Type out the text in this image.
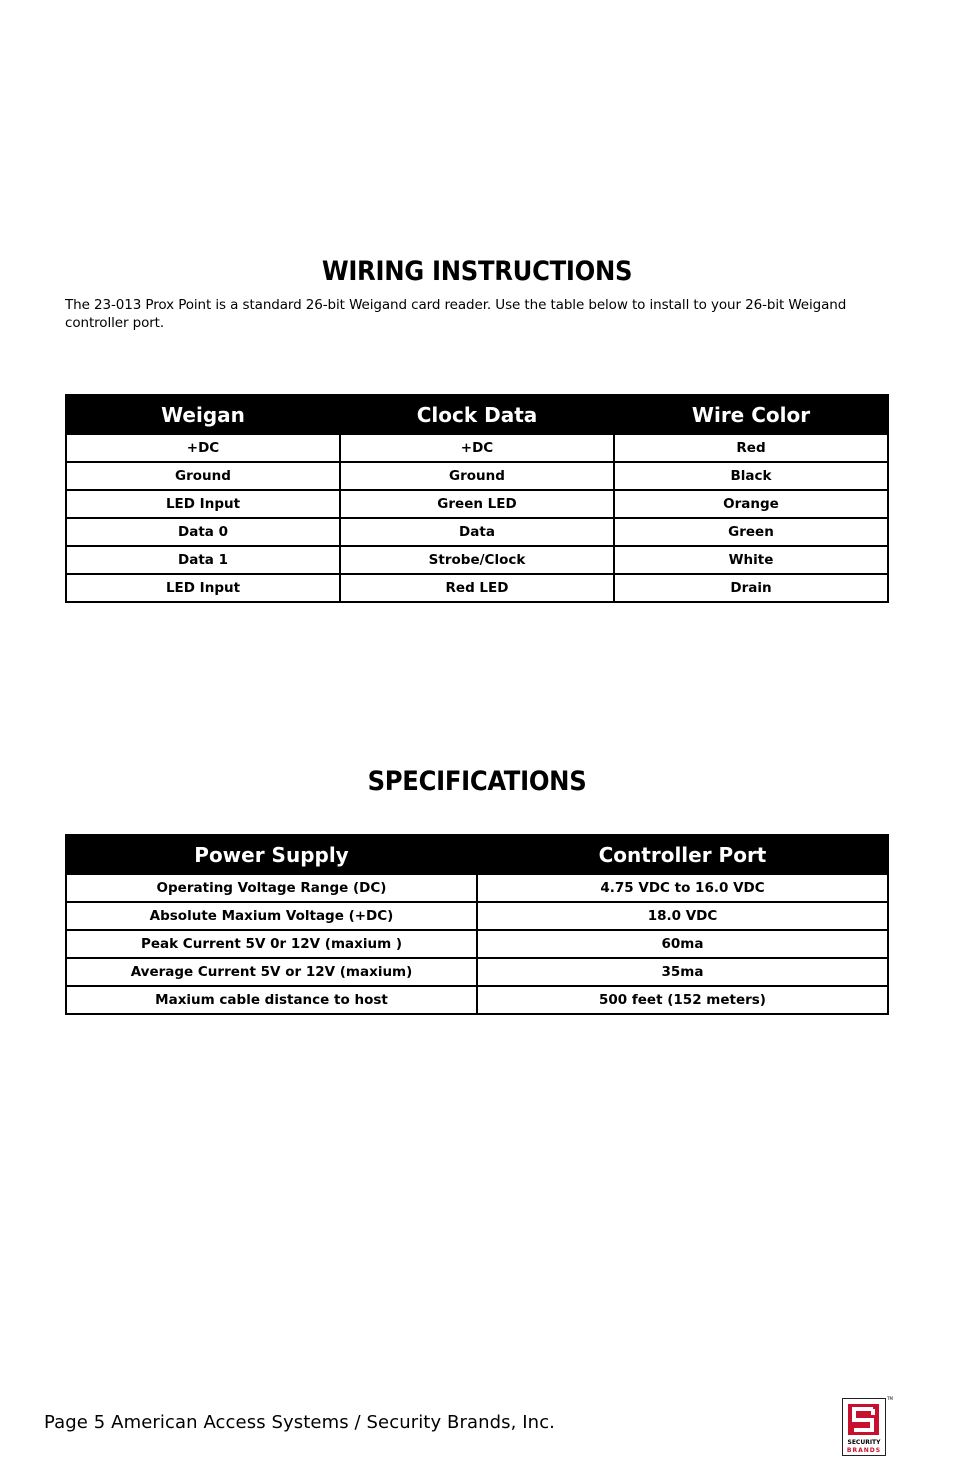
WIRING INSTRUCTIONS

The 23-013 Prox Point is a standard 26-bit Weigand card reader. Use the table below to install to your 26-bit Weigand controller port.

Weigan	Clock Data	Wire Color
+DC	+DC	Red
Ground	Ground	Black
LED Input	Green LED	Orange
Data 0	Data	Green
Data 1	Strobe/Clock	White
LED Input	Red LED	Drain
SPECIFICATIONS
Power Supply	Controller Port
Operating Voltage Range (DC)	4.75 VDC to 16.0 VDC
Absolute Maxium Voltage (+DC)	18.0 VDC
Peak Current 5V 0r 12V (maxium )	60ma
Average Current 5V or 12V (maxium)	35ma
Maxium cable distance to host	500 feet (152 meters)
Page 5 American Access Systems / Security Brands, Inc.
SECURITY
BRANDS
TM
